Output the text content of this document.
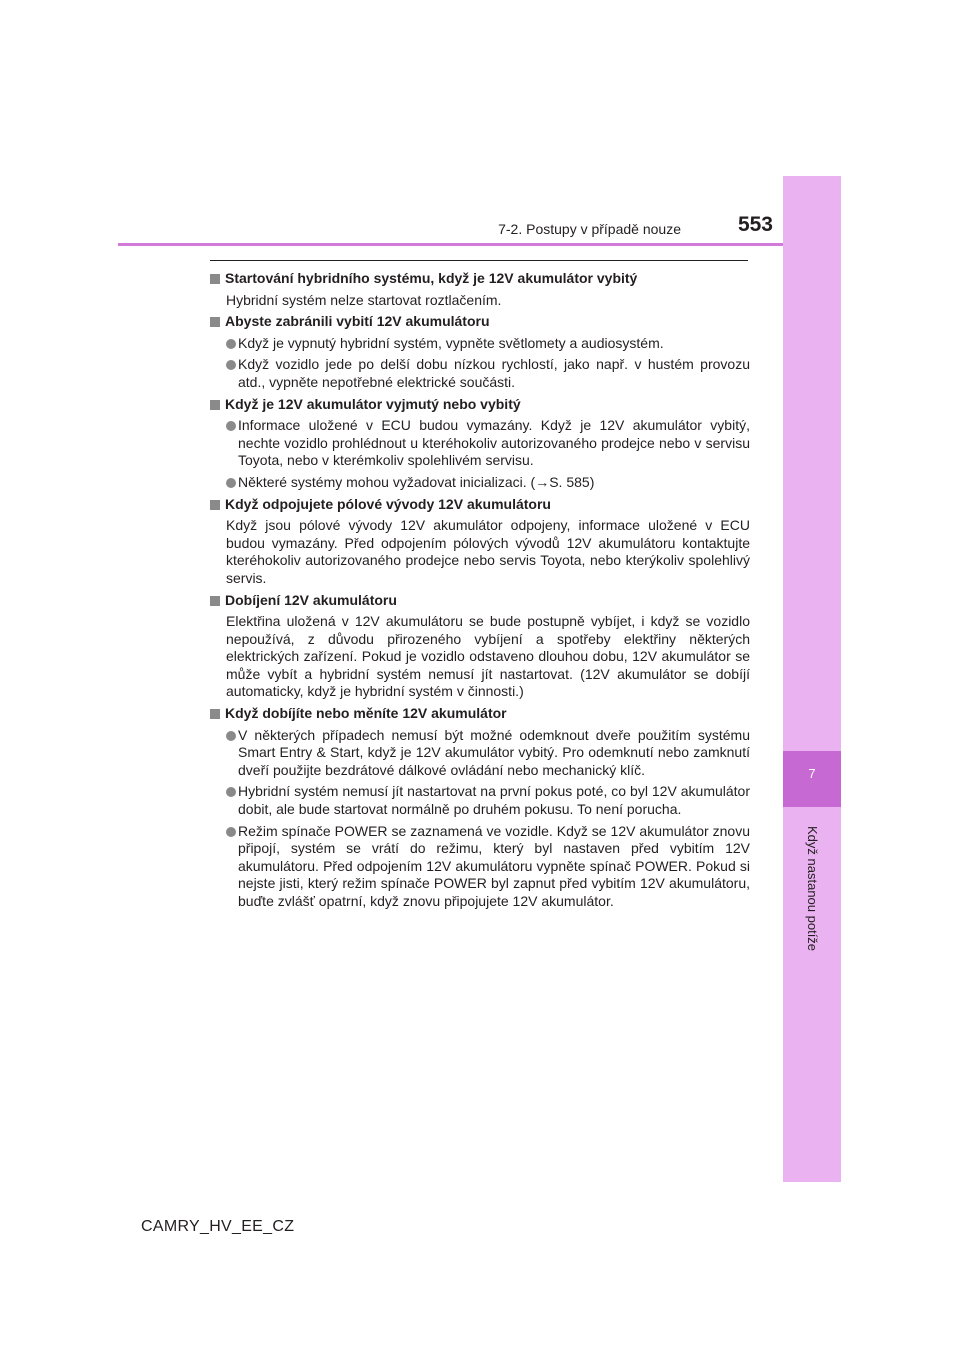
7
Když nastanou potíže
7-2. Postupy v případě nouze	553
Startování hybridního systému, když je 12V akumulátor vybitý
Hybridní systém nelze startovat roztlačením.
Abyste zabránili vybití 12V akumulátoru
Když je vypnutý hybridní systém, vypněte světlomety a audiosystém.
Když vozidlo jede po delší dobu nízkou rychlostí, jako např. v hustém provozu atd., vypněte nepotřebné elektrické součásti.
Když je 12V akumulátor vyjmutý nebo vybitý
Informace uložené v ECU budou vymazány. Když je 12V akumulátor vybitý, nechte vozidlo prohlédnout u kteréhokoliv autorizovaného prodejce nebo v servisu Toyota, nebo v kterémkoliv spolehlivém servisu.
Některé systémy mohou vyžadovat inicializaci. (→S. 585)
Když odpojujete pólové vývody 12V akumulátoru
Když jsou pólové vývody 12V akumulátor odpojeny, informace uložené v ECU budou vymazány. Před odpojením pólových vývodů 12V akumulátoru kontaktujte kteréhokoliv autorizovaného prodejce nebo servis Toyota, nebo kterýkoliv spolehlivý servis.
Dobíjení 12V akumulátoru
Elektřina uložená v 12V akumulátoru se bude postupně vybíjet, i když se vozidlo nepoužívá, z důvodu přirozeného vybíjení a spotřeby elektřiny některých elektrických zařízení. Pokud je vozidlo odstaveno dlouhou dobu, 12V akumulátor se může vybít a hybridní systém nemusí jít nastartovat. (12V akumulátor se dobíjí automaticky, když je hybridní systém v činnosti.)
Když dobíjíte nebo měníte 12V akumulátor
V některých případech nemusí být možné odemknout dveře použitím systému Smart Entry & Start, když je 12V akumulátor vybitý. Pro odemknutí nebo zamknutí dveří použijte bezdrátové dálkové ovládání nebo mechanický klíč.
Hybridní systém nemusí jít nastartovat na první pokus poté, co byl 12V akumulátor dobit, ale bude startovat normálně po druhém pokusu. To není porucha.
Režim spínače POWER se zaznamená ve vozidle. Když se 12V akumulátor znovu připojí, systém se vrátí do režimu, který byl nastaven před vybitím 12V akumulátoru. Před odpojením 12V akumulátoru vypněte spínač POWER. Pokud si nejste jisti, který režim spínače POWER byl zapnut před vybitím 12V akumulátoru, buďte zvlášť opatrní, když znovu připojujete 12V akumulátor.
CAMRY_HV_EE_CZ
